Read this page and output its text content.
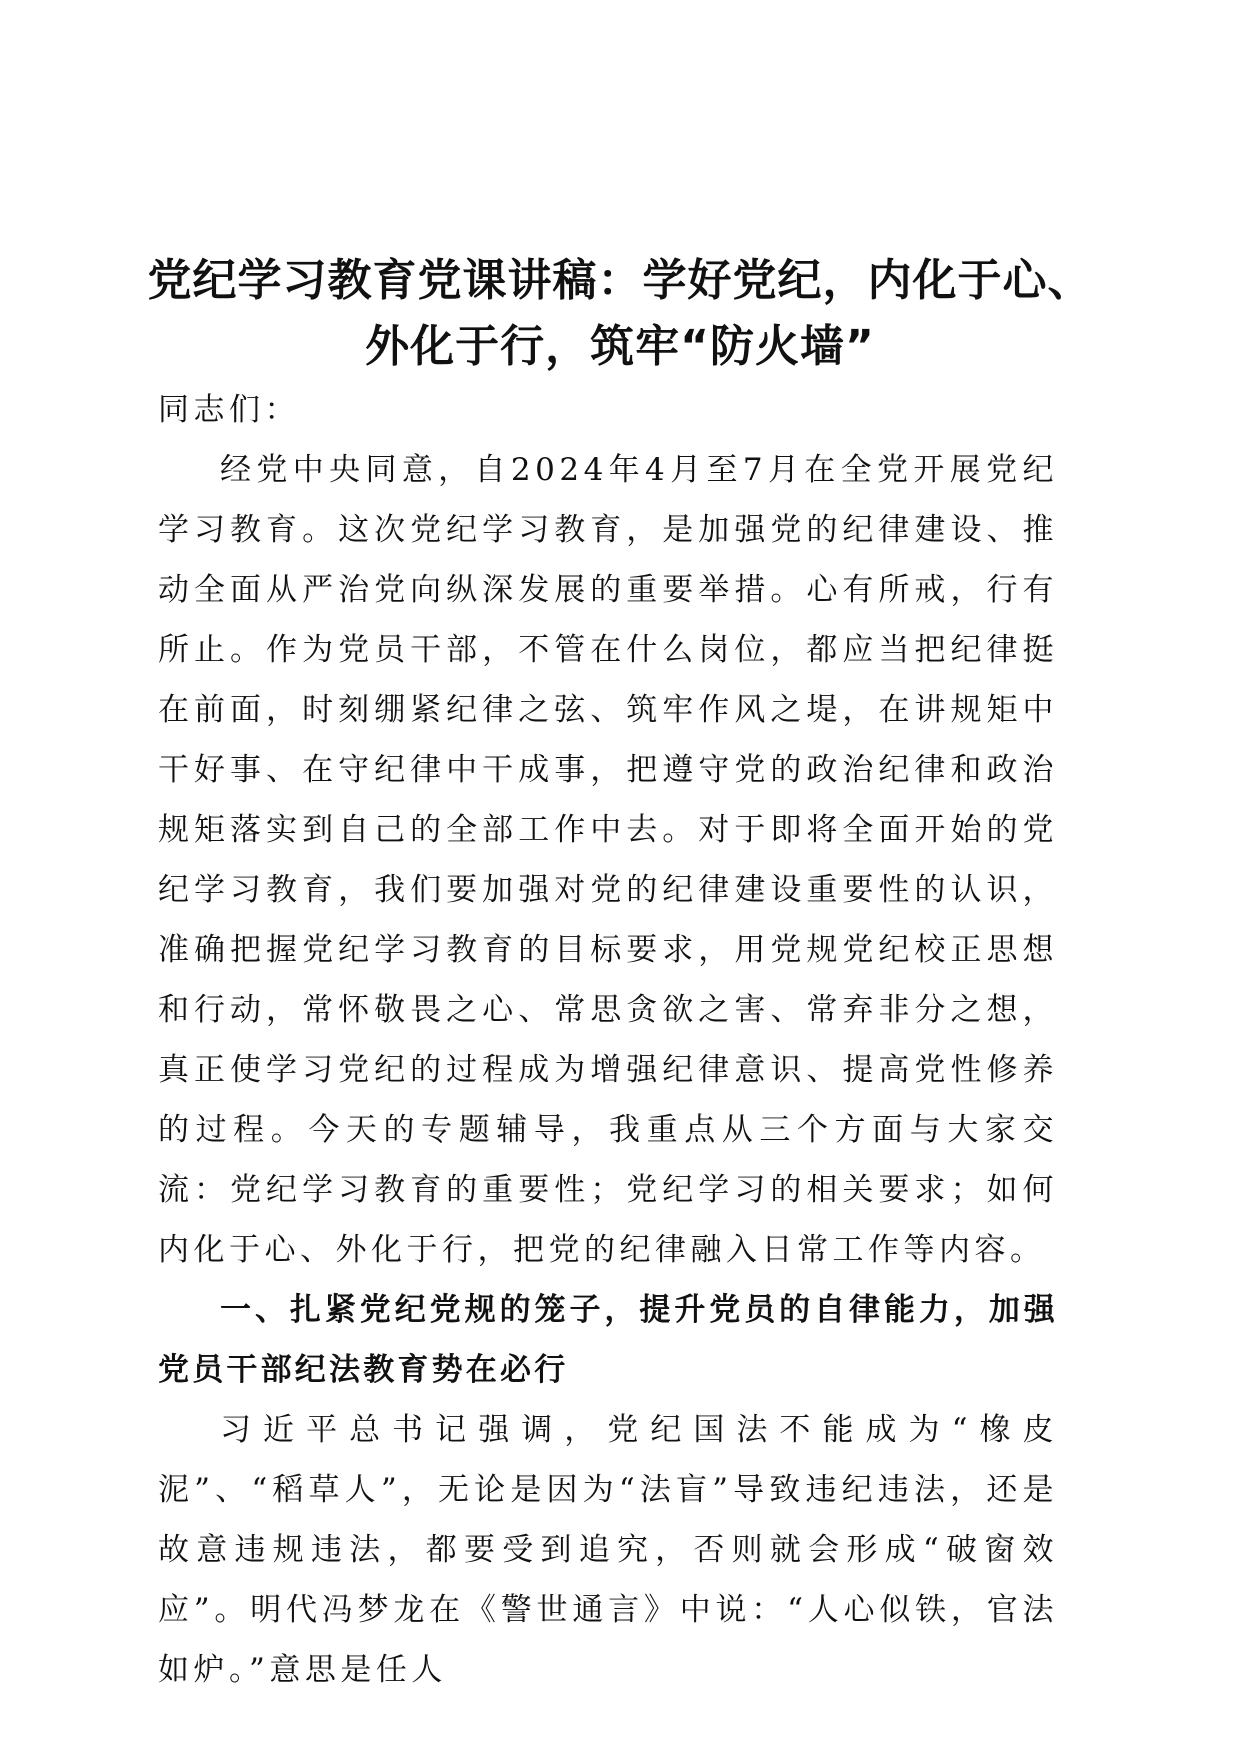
党纪学习教育党课讲稿：学好党纪，内化于心、
外化于行，筑牢“防火墙”

同志们：

经党中央同意，自2024年4月至7月在全党开展党纪学习教育。这次党纪学习教育，是加强党的纪律建设、推动全面从严治党向纵深发展的重要举措。心有所戒，行有所止。作为党员干部，不管在什么岗位，都应当把纪律挺在前面，时刻绷紧纪律之弦、筑牢作风之堤，在讲规矩中干好事、在守纪律中干成事，把遵守党的政治纪律和政治规矩落实到自己的全部工作中去。对于即将全面开始的党纪学习教育，我们要加强对党的纪律建设重要性的认识，准确把握党纪学习教育的目标要求，用党规党纪校正思想和行动，常怀敬畏之心、常思贪欲之害、常弃非分之想，真正使学习党纪的过程成为增强纪律意识、提高党性修养的过程。今天的专题辅导，我重点从三个方面与大家交流：党纪学习教育的重要性；党纪学习的相关要求；如何内化于心、外化于行，把党的纪律融入日常工作等内容。

一、扎紧党纪党规的笼子，提升党员的自律能力，加强党员干部纪法教育势在必行

习近平总书记强调，党纪国法不能成为“橡皮泥”、“稻草人”，无论是因为“法盲”导致违纪违法，还是故意违规违法，都要受到追究，否则就会形成“破窗效应”。明代冯梦龙在《警世通言》中说：“人心似铁，官法如炉。”意思是任人
